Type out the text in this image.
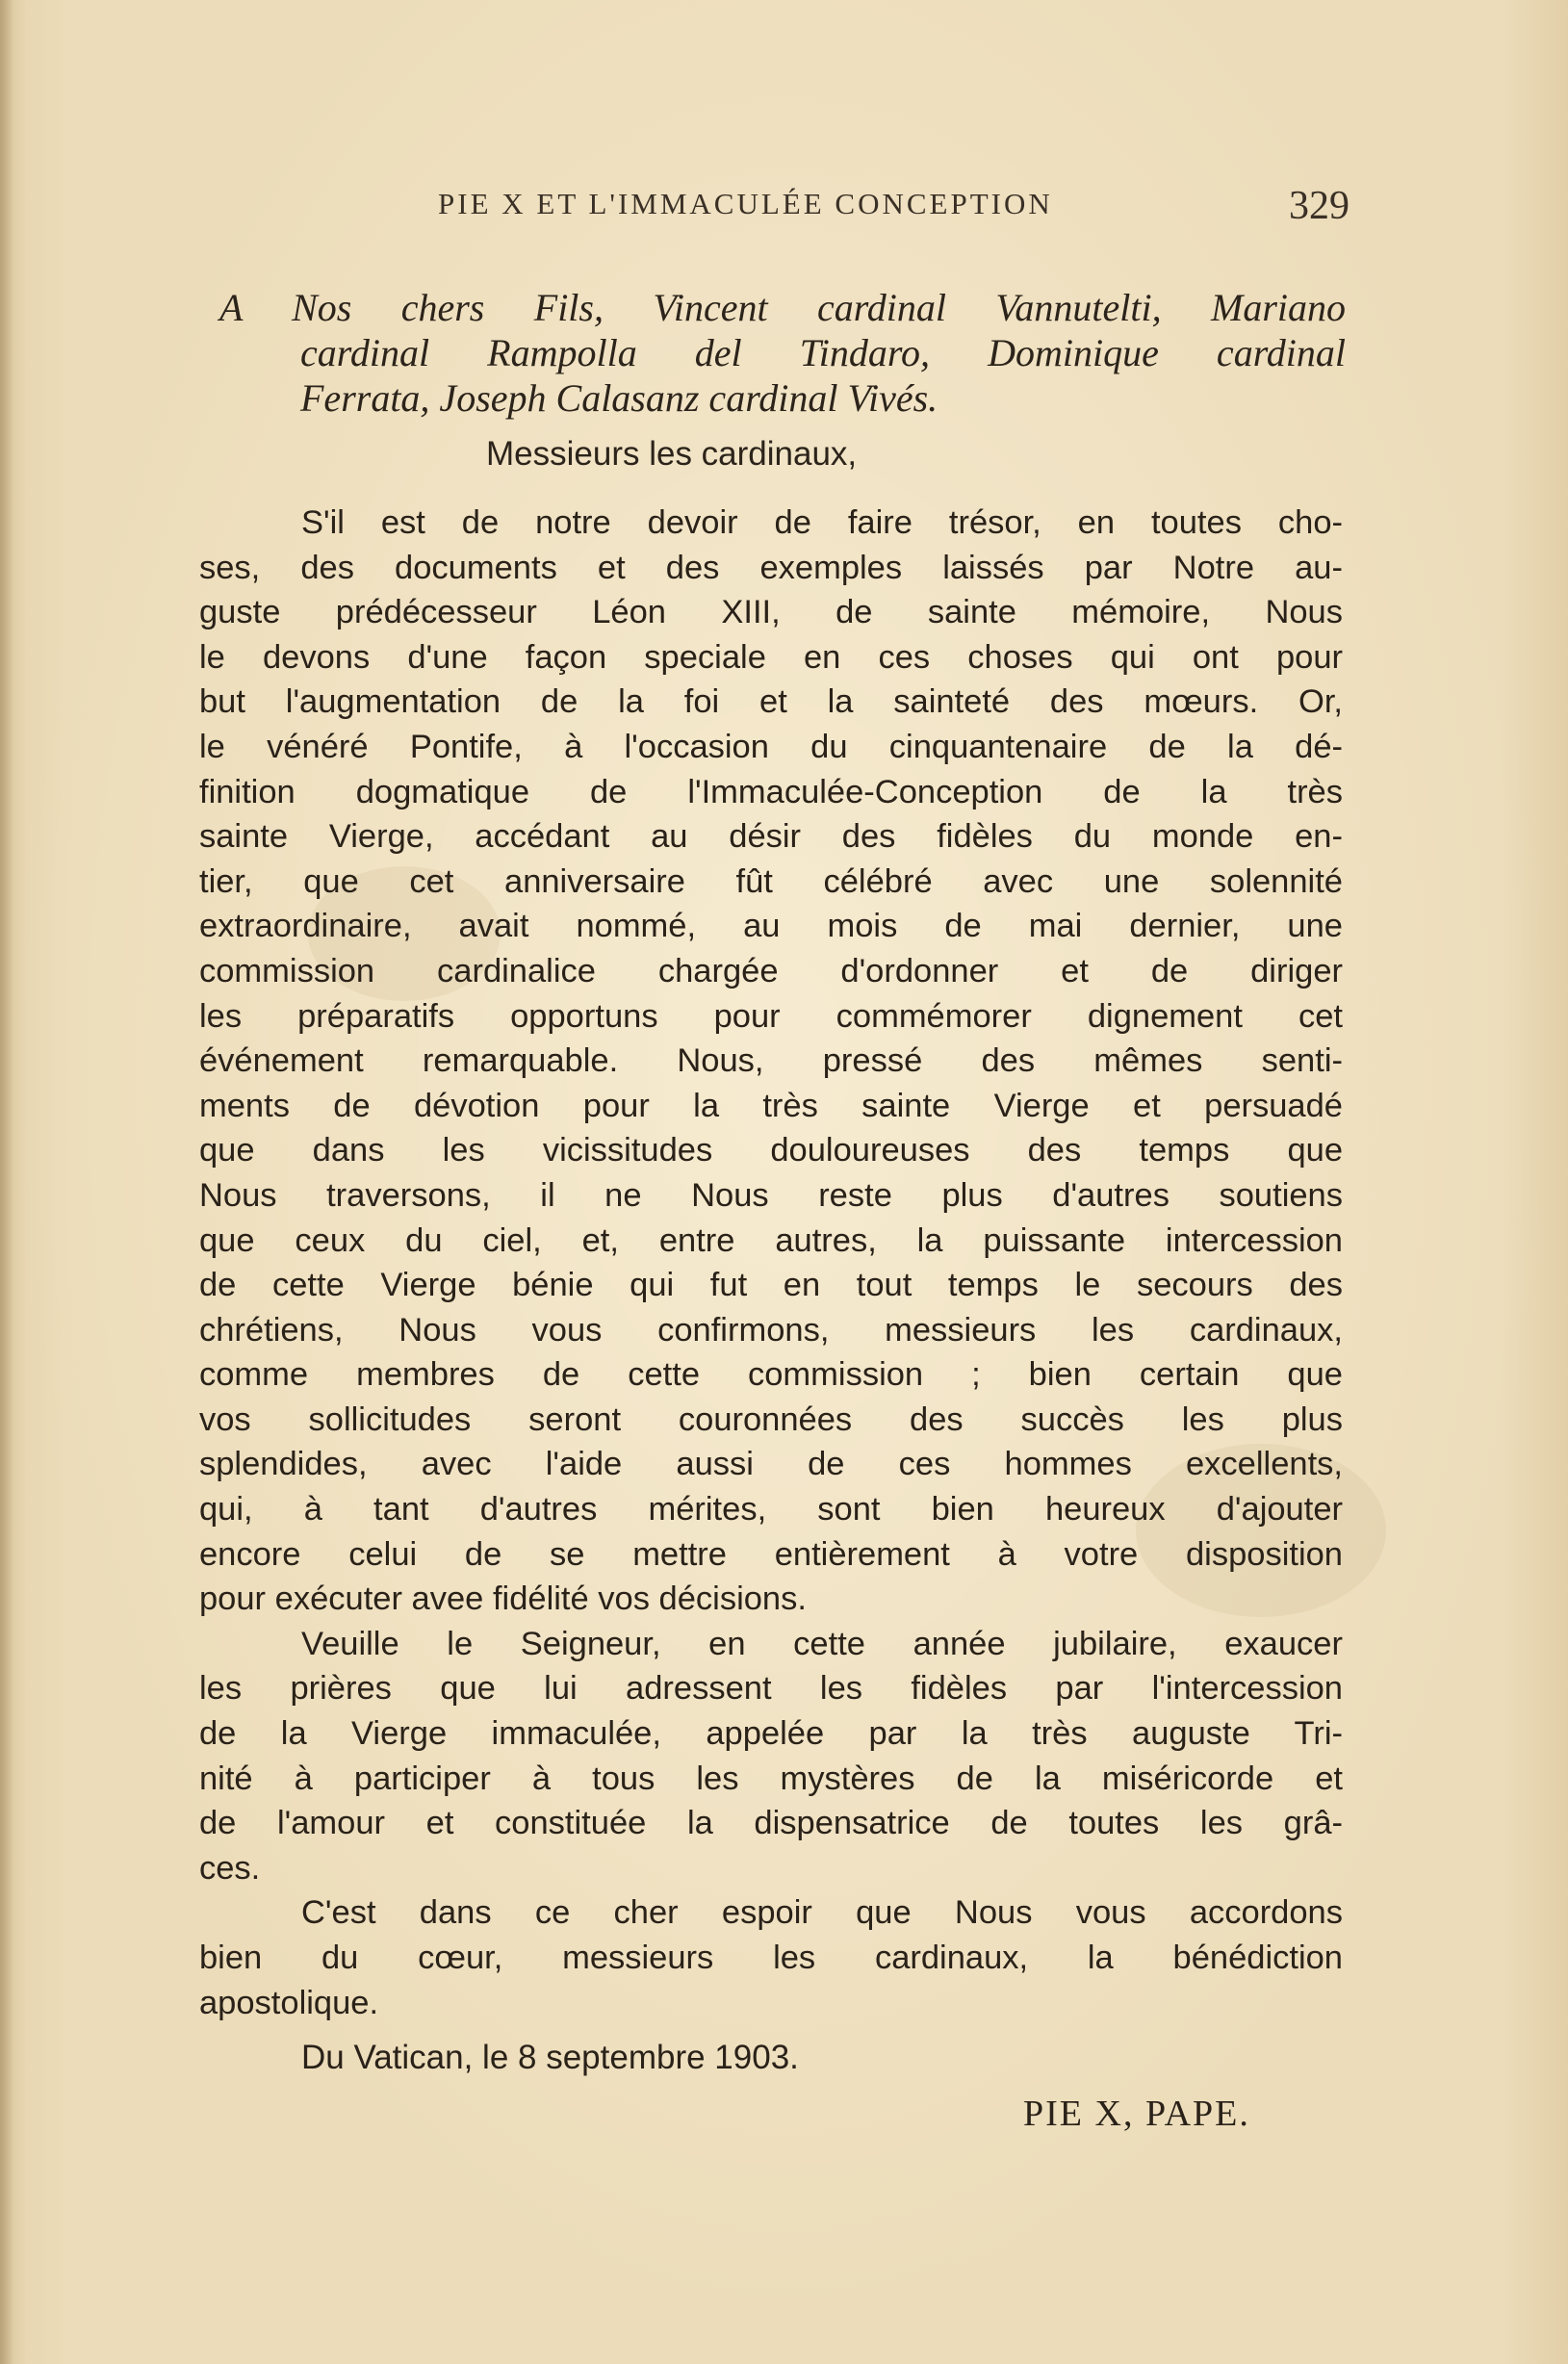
PIE X ET L'IMMACULÉE CONCEPTION	329
A Nos chers Fils, Vincent cardinal Vannutelti, Mariano
cardinal Rampolla del Tindaro, Dominique cardinal
Ferrata, Joseph Calasanz cardinal Vivés.
Messieurs les cardinaux,
S'il est de notre devoir de faire trésor, en toutes cho-
ses, des documents et des exemples laissés par Notre au-
guste prédécesseur Léon XIII, de sainte mémoire, Nous
le devons d'une façon speciale en ces choses qui ont pour
but l'augmentation de la foi et la sainteté des mœurs. Or,
le vénéré Pontife, à l'occasion du cinquantenaire de la dé-
finition dogmatique de l'Immaculée-Conception de la très
sainte Vierge, accédant au désir des fidèles du monde en-
tier, que cet anniversaire fût célébré avec une solennité
extraordinaire, avait nommé, au mois de mai dernier, une
commission cardinalice chargée d'ordonner et de diriger
les préparatifs opportuns pour commémorer dignement cet
événement remarquable. Nous, pressé des mêmes senti-
ments de dévotion pour la très sainte Vierge et persuadé
que dans les vicissitudes douloureuses des temps que
Nous traversons, il ne Nous reste plus d'autres soutiens
que ceux du ciel, et, entre autres, la puissante intercession
de cette Vierge bénie qui fut en tout temps le secours des
chrétiens, Nous vous confirmons, messieurs les cardinaux,
comme membres de cette commission ; bien certain que
vos sollicitudes seront couronnées des succès les plus
splendides, avec l'aide aussi de ces hommes excellents,
qui, à tant d'autres mérites, sont bien heureux d'ajouter
encore celui de se mettre entièrement à votre disposition
pour exécuter avee fidélité vos décisions.
Veuille le Seigneur, en cette année jubilaire, exaucer
les prières que lui adressent les fidèles par l'intercession
de la Vierge immaculée, appelée par la très auguste Tri-
nité à participer à tous les mystères de la miséricorde et
de l'amour et constituée la dispensatrice de toutes les grâ-
ces.
C'est dans ce cher espoir que Nous vous accordons
bien du cœur, messieurs les cardinaux, la bénédiction
apostolique.
Du Vatican, le 8 septembre 1903.
PIE X, PAPE.
